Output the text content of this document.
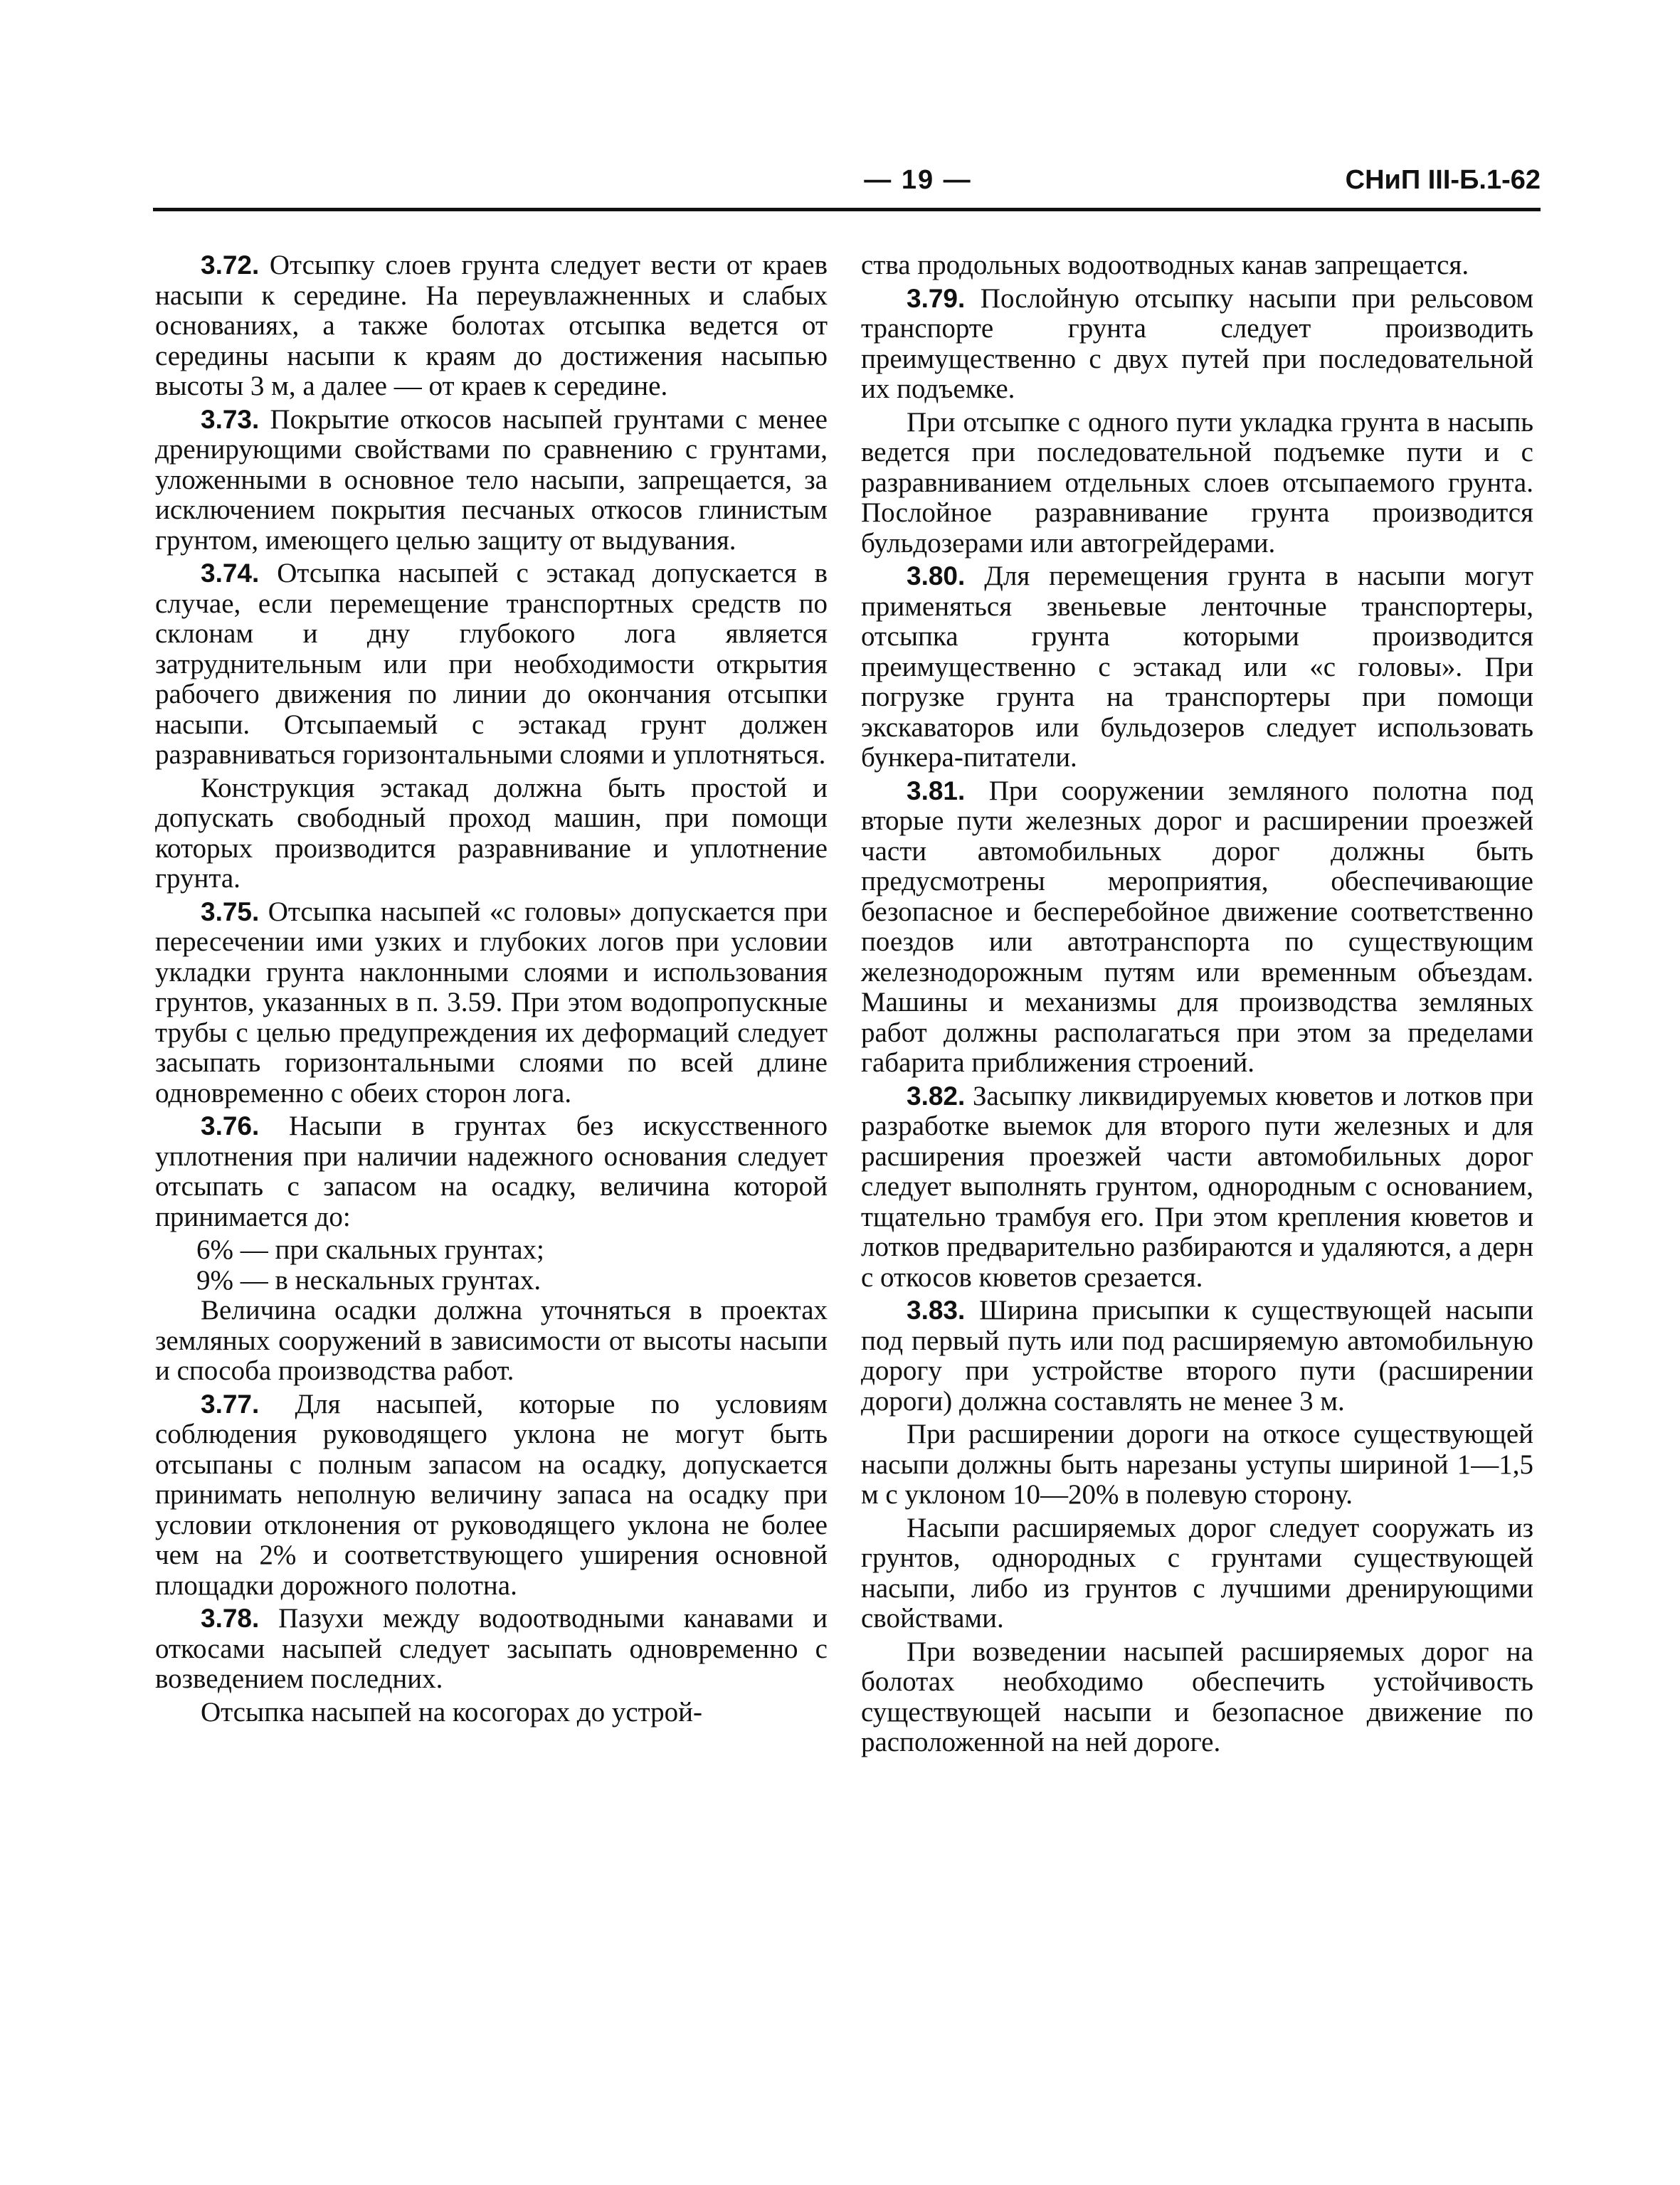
— 19 —	СНиП III-Б.1-62

3.72. Отсыпку слоев грунта следует вести от краев насыпи к середине. На переувлажненных и слабых основаниях, а также болотах отсыпка ведется от середины насыпи к краям до достижения насыпью высоты 3 м, а далее — от краев к середине.

3.73. Покрытие откосов насыпей грунтами с менее дренирующими свойствами по сравнению с грунтами, уложенными в основное тело насыпи, запрещается, за исключением покрытия песчаных откосов глинистым грунтом, имеющего целью защиту от выдувания.

3.74. Отсыпка насыпей с эстакад допускается в случае, если перемещение транспортных средств по склонам и дну глубокого лога является затруднительным или при необходимости открытия рабочего движения по линии до окончания отсыпки насыпи. Отсыпаемый с эстакад грунт должен разравниваться горизонтальными слоями и уплотняться.

Конструкция эстакад должна быть простой и допускать свободный проход машин, при помощи которых производится разравнивание и уплотнение грунта.

3.75. Отсыпка насыпей «с головы» допускается при пересечении ими узких и глубоких логов при условии укладки грунта наклонными слоями и использования грунтов, указанных в п. 3.59. При этом водопропускные трубы с целью предупреждения их деформаций следует засыпать горизонтальными слоями по всей длине одновременно с обеих сторон лога.

3.76. Насыпи в грунтах без искусственного уплотнения при наличии надежного основания следует отсыпать с запасом на осадку, величина которой принимается до:

6% — при скальных грунтах;

9% — в нескальных грунтах.

Величина осадки должна уточняться в проектах земляных сооружений в зависимости от высоты насыпи и способа производства работ.

3.77. Для насыпей, которые по условиям соблюдения руководящего уклона не могут быть отсыпаны с полным запасом на осадку, допускается принимать неполную величину запаса на осадку при условии отклонения от руководящего уклона не более чем на 2% и соответствующего уширения основной площадки дорожного полотна.

3.78. Пазухи между водоотводными канавами и откосами насыпей следует засыпать одновременно с возведением последних.

Отсыпка насыпей на косогорах до устрой-

ства продольных водоотводных канав запрещается.

3.79. Послойную отсыпку насыпи при рельсовом транспорте грунта следует производить преимущественно с двух путей при последовательной их подъемке.

При отсыпке с одного пути укладка грунта в насыпь ведется при последовательной подъемке пути и с разравниванием отдельных слоев отсыпаемого грунта. Послойное разравнивание грунта производится бульдозерами или автогрейдерами.

3.80. Для перемещения грунта в насыпи могут применяться звеньевые ленточные транспортеры, отсыпка грунта которыми производится преимущественно с эстакад или «с головы». При погрузке грунта на транспортеры при помощи экскаваторов или бульдозеров следует использовать бункера-питатели.

3.81. При сооружении земляного полотна под вторые пути железных дорог и расширении проезжей части автомобильных дорог должны быть предусмотрены мероприятия, обеспечивающие безопасное и бесперебойное движение соответственно поездов или автотранспорта по существующим железнодорожным путям или временным объездам. Машины и механизмы для производства земляных работ должны располагаться при этом за пределами габарита приближения строений.

3.82. Засыпку ликвидируемых кюветов и лотков при разработке выемок для второго пути железных и для расширения проезжей части автомобильных дорог следует выполнять грунтом, однородным с основанием, тщательно трамбуя его. При этом крепления кюветов и лотков предварительно разбираются и удаляются, а дерн с откосов кюветов срезается.

3.83. Ширина присыпки к существующей насыпи под первый путь или под расширяемую автомобильную дорогу при устройстве второго пути (расширении дороги) должна составлять не менее 3 м.

При расширении дороги на откосе существующей насыпи должны быть нарезаны уступы шириной 1—1,5 м с уклоном 10—20% в полевую сторону.

Насыпи расширяемых дорог следует сооружать из грунтов, однородных с грунтами существующей насыпи, либо из грунтов с лучшими дренирующими свойствами.

При возведении насыпей расширяемых дорог на болотах необходимо обеспечить устойчивость существующей насыпи и безопасное движение по расположенной на ней дороге.
